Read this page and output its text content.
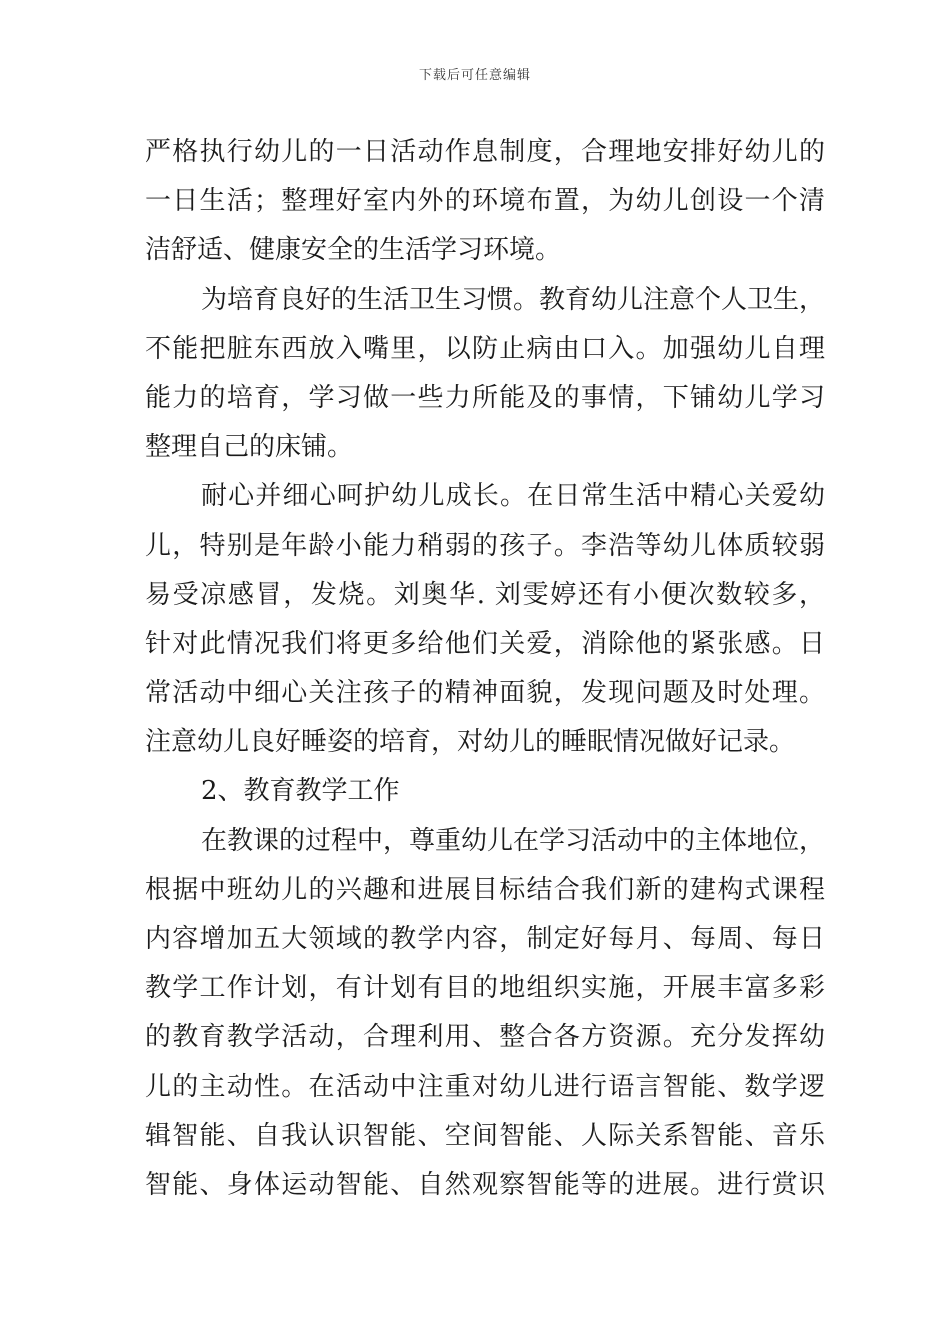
下载后可任意编辑
严格执行幼儿的一日活动作息制度，合理地安排好幼儿的
一日生活；整理好室内外的环境布置，为幼儿创设一个清
洁舒适、健康安全的生活学习环境。
为培育良好的生活卫生习惯。教育幼儿注意个人卫生，
不能把脏东西放入嘴里，以防止病由口入。加强幼儿自理
能力的培育，学习做一些力所能及的事情，下铺幼儿学习
整理自己的床铺。
耐心并细心呵护幼儿成长。在日常生活中精心关爱幼
儿，特别是年龄小能力稍弱的孩子。李浩等幼儿体质较弱
易受凉感冒，发烧。刘奥华. 刘雯婷还有小便次数较多，
针对此情况我们将更多给他们关爱，消除他的紧张感。日
常活动中细心关注孩子的精神面貌，发现问题及时处理。
注意幼儿良好睡姿的培育，对幼儿的睡眠情况做好记录。
2、教育教学工作
在教课的过程中，尊重幼儿在学习活动中的主体地位，
根据中班幼儿的兴趣和进展目标结合我们新的建构式课程
内容增加五大领域的教学内容，制定好每月、每周、每日
教学工作计划，有计划有目的地组织实施，开展丰富多彩
的教育教学活动，合理利用、整合各方资源。充分发挥幼
儿的主动性。在活动中注重对幼儿进行语言智能、数学逻
辑智能、自我认识智能、空间智能、人际关系智能、音乐
智能、身体运动智能、自然观察智能等的进展。进行赏识
